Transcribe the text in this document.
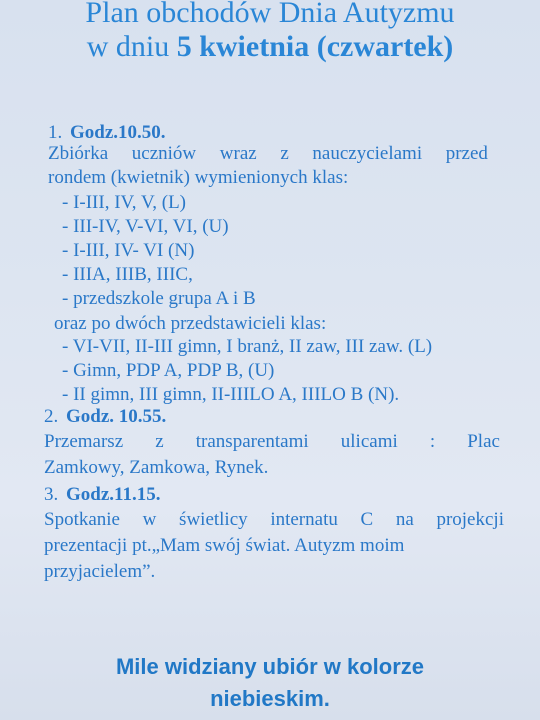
Plan obchodów Dnia Autyzmu
w dniu 5 kwietnia (czwartek)
1. Godz.10.50.
Zbiórka uczniów wraz z nauczycielami przed
rondem (kwietnik) wymienionych klas:
- I-III, IV, V, (L)
- III-IV, V-VI, VI, (U)
- I-III, IV- VI (N)
- IIIA, IIIB, IIIC,
- przedszkole grupa A i B
oraz po dwóch przedstawicieli klas:
- VI-VII, II-III gimn, I branż, II zaw, III zaw. (L)
- Gimn, PDP A, PDP B, (U)
- II gimn, III gimn, II-IIILO A, IIILO B (N).
2. Godz. 10.55.
Przemarsz z transparentami ulicami : Plac
Zamkowy, Zamkowa, Rynek.
3. Godz.11.15.
Spotkanie w świetlicy internatu C na projekcji
prezentacji pt.„Mam swój świat. Autyzm moim
przyjacielem”.
Mile widziany ubiór w kolorze
niebieskim.
